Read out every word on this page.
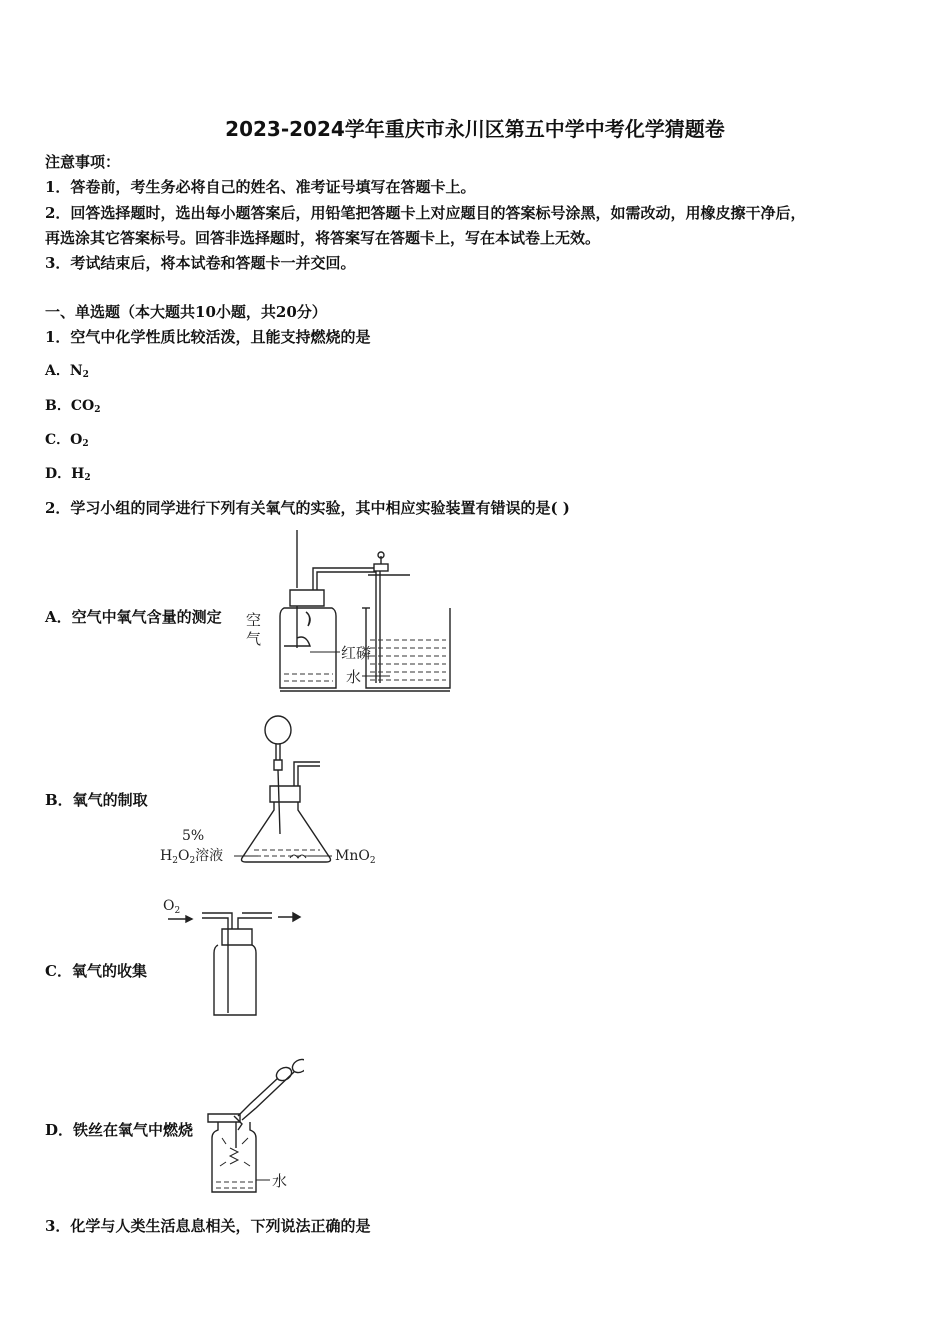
2023-2024学年重庆市永川区第五中学中考化学猜题卷
注意事项：
1．答卷前，考生务必将自己的姓名、准考证号填写在答题卡上。
2．回答选择题时，选出每小题答案后，用铅笔把答题卡上对应题目的答案标号涂黑，如需改动，用橡皮擦干净后，
再选涂其它答案标号。回答非选择题时，将答案写在答题卡上，写在本试卷上无效。
3．考试结束后，将本试卷和答题卡一并交回。
一、单选题（本大题共10小题，共20分）
1．空气中化学性质比较活泼，且能支持燃烧的是
A．$N_2$
B．$CO_2$
C．$O_2$
D．$H_2$
2．学习小组的同学进行下列有关氧气的实验，其中相应实验装置有错误的是( )
A．空气中氧气含量的测定
B．氧气的制取
C．氧气的收集
D．铁丝在氧气中燃烧
空
气
红磷
水
5%
$H_2O_2$溶液	MnO$_2$
$O_2$
水
3．化学与人类生活息息相关，下列说法正确的是
